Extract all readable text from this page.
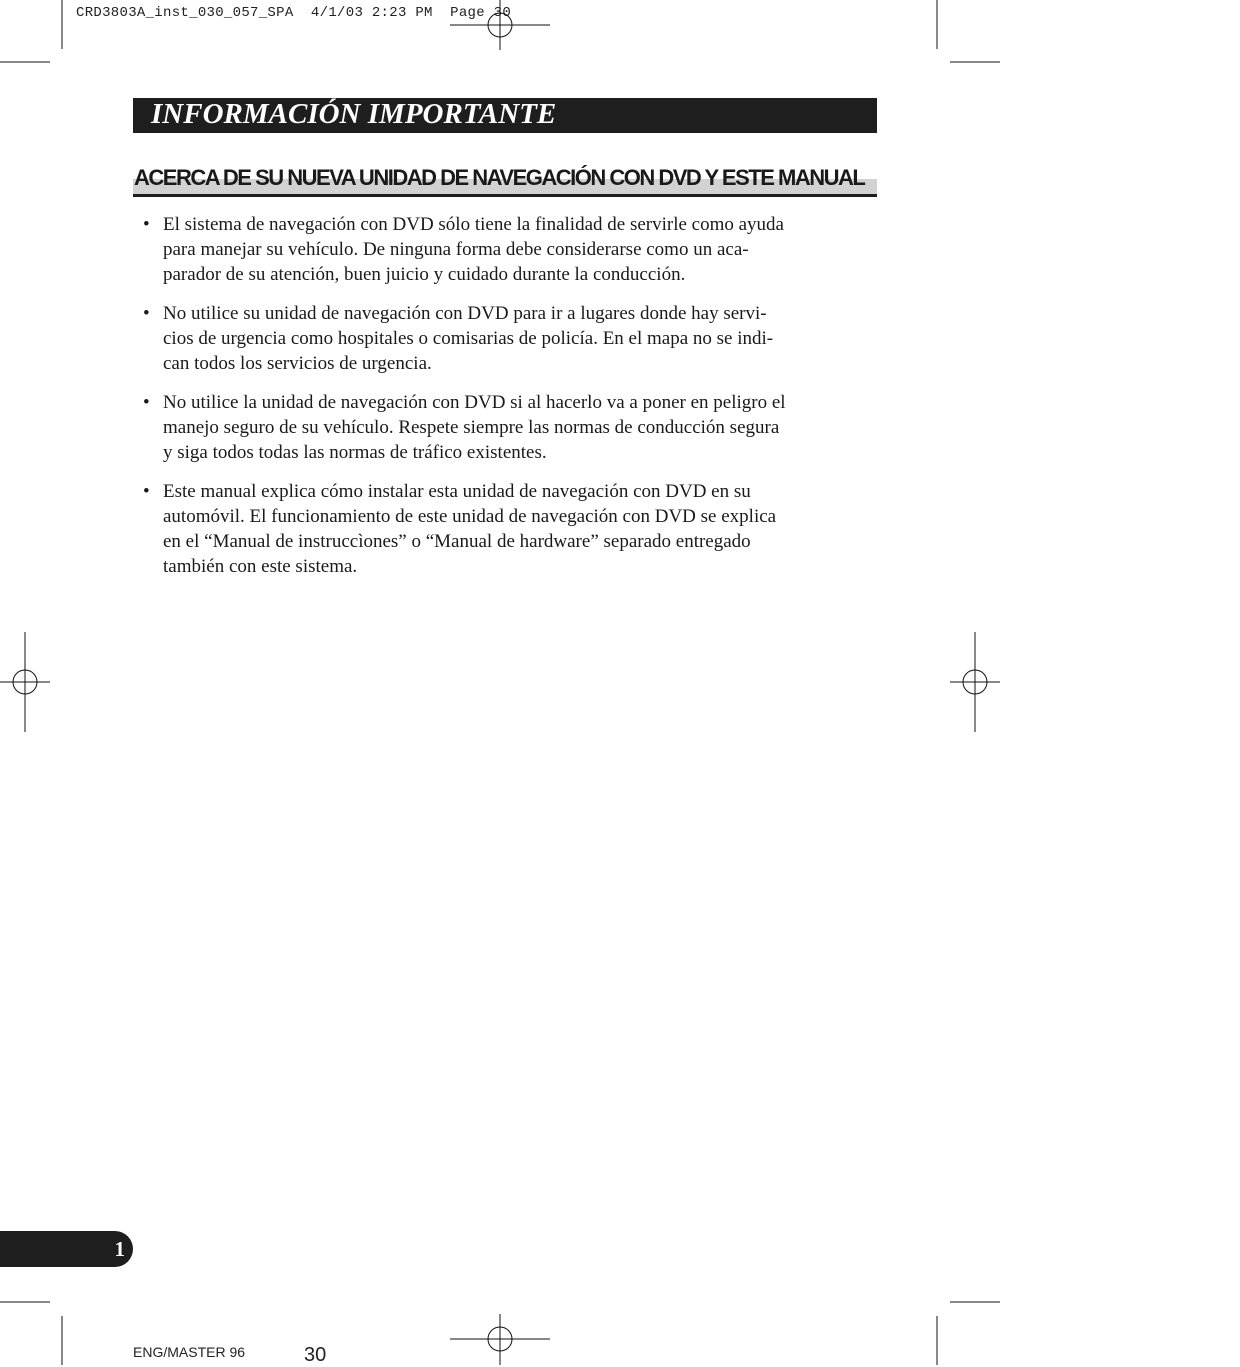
CRD3803A_inst_030_057_SPA  4/1/03 2:23 PM  Page 30
INFORMACIÓN IMPORTANTE
ACERCA DE SU NUEVA UNIDAD DE NAVEGACIÓN CON DVD Y ESTE MANUAL
• El sistema de navegación con DVD sólo tiene la finalidad de servirle como ayuda
para manejar su vehículo. De ninguna forma debe considerarse como un aca-
parador de su atención, buen juicio y cuidado durante la conducción.
• No utilice su unidad de navegación con DVD para ir a lugares donde hay servi-
cios de urgencia como hospitales o comisarias de policía. En el mapa no se indi-
can todos los servicios de urgencia.
• No utilice la unidad de navegación con DVD si al hacerlo va a poner en peligro el
manejo seguro de su vehículo. Respete siempre las normas de conducción segura
y siga todos todas las normas de tráfico existentes.
• Este manual explica cómo instalar esta unidad de navegación con DVD en su
automóvil. El funcionamiento de este unidad de navegación con DVD se explica
en el “Manual de instruccìones” o “Manual de hardware” separado entregado
también con este sistema.
1
ENG/MASTER 96	30
